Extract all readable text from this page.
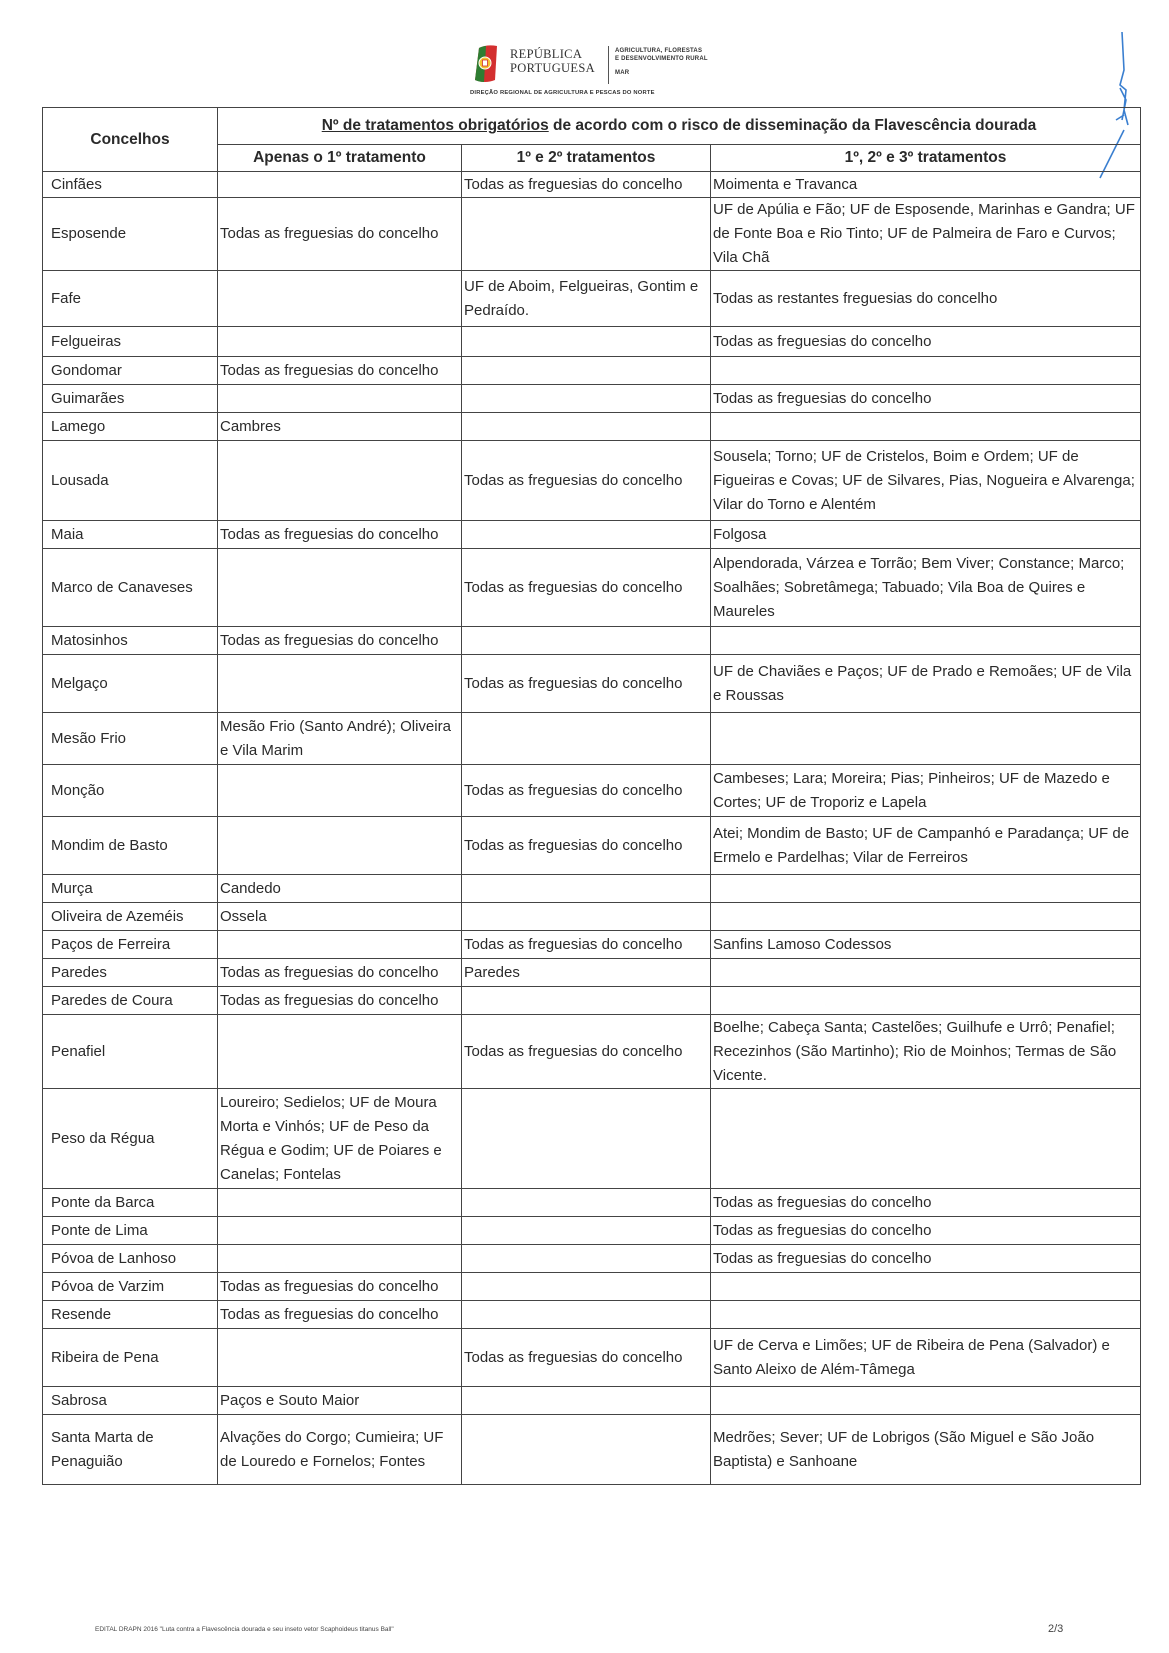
REPÚBLICA
PORTUGUESA
AGRICULTURA, FLORESTAS
E DESENVOLVIMENTO RURAL
MAR
DIREÇÃO REGIONAL DE AGRICULTURA E PESCAS DO NORTE
Concelhos	Nº de tratamentos obrigatórios de acordo com o risco de disseminação da Flavescência dourada		
	Apenas o 1º tratamento	1º e 2º tratamentos	1º, 2º e 3º tratamentos
Cinfães		Todas as freguesias do concelho	Moimenta e Travanca
Esposende	Todas as freguesias do concelho		UF de Apúlia e Fão; UF de Esposende, Marinhas e Gandra; UF de Fonte Boa e Rio Tinto; UF de Palmeira de Faro e Curvos; Vila Chã
Fafe		UF de Aboim, Felgueiras, Gontim e Pedraído.	Todas as restantes freguesias do concelho
Felgueiras			Todas as freguesias do concelho
Gondomar	Todas as freguesias do concelho		
Guimarães			Todas as freguesias do concelho
Lamego	Cambres		
Lousada		Todas as freguesias do concelho	Sousela; Torno; UF de Cristelos, Boim e Ordem; UF de Figueiras e Covas; UF de Silvares, Pias, Nogueira e Alvarenga; Vilar do Torno e Alentém
Maia	Todas as freguesias do concelho		Folgosa
Marco de Canaveses		Todas as freguesias do concelho	Alpendorada, Várzea e Torrão; Bem Viver; Constance; Marco; Soalhães; Sobretâmega; Tabuado; Vila Boa de Quires e Maureles
Matosinhos	Todas as freguesias do concelho		
Melgaço		Todas as freguesias do concelho	UF de Chaviães e Paços; UF de Prado e Remoães; UF de Vila e Roussas
Mesão Frio	Mesão Frio (Santo André); Oliveira e Vila Marim		
Monção		Todas as freguesias do concelho	Cambeses; Lara; Moreira; Pias; Pinheiros; UF de Mazedo e Cortes; UF de Troporiz e Lapela
Mondim de Basto		Todas as freguesias do concelho	Atei; Mondim de Basto; UF de Campanhó e Paradança; UF de Ermelo e Pardelhas; Vilar de Ferreiros
Murça	Candedo		
Oliveira de Azeméis	Ossela		
Paços de Ferreira		Todas as freguesias do concelho	Sanfins Lamoso Codessos
Paredes	Todas as freguesias do concelho	Paredes	
Paredes de Coura	Todas as freguesias do concelho		
Penafiel		Todas as freguesias do concelho	Boelhe; Cabeça Santa; Castelões; Guilhufe e Urrô; Penafiel; Recezinhos (São Martinho); Rio de Moinhos; Termas de São Vicente.
Peso da Régua	Loureiro; Sedielos; UF de Moura Morta e Vinhós; UF de Peso da Régua e Godim; UF de Poiares e Canelas; Fontelas		
Ponte da Barca			Todas as freguesias do concelho
Ponte de Lima			Todas as freguesias do concelho
Póvoa de Lanhoso			Todas as freguesias do concelho
Póvoa de Varzim	Todas as freguesias do concelho		
Resende	Todas as freguesias do concelho		
Ribeira de Pena		Todas as freguesias do concelho	UF de Cerva e Limões; UF de Ribeira de Pena (Salvador) e Santo Aleixo de Além-Tâmega
Sabrosa	Paços e Souto Maior		
Santa Marta de Penaguião	Alvações do Corgo; Cumieira; UF de Louredo e Fornelos; Fontes		Medrões; Sever; UF de Lobrigos (São Miguel e São João Baptista) e Sanhoane
EDITAL DRAPN 2016 "Luta contra a Flavescência dourada e seu inseto vetor Scaphoideus titanus Ball"	2/3
